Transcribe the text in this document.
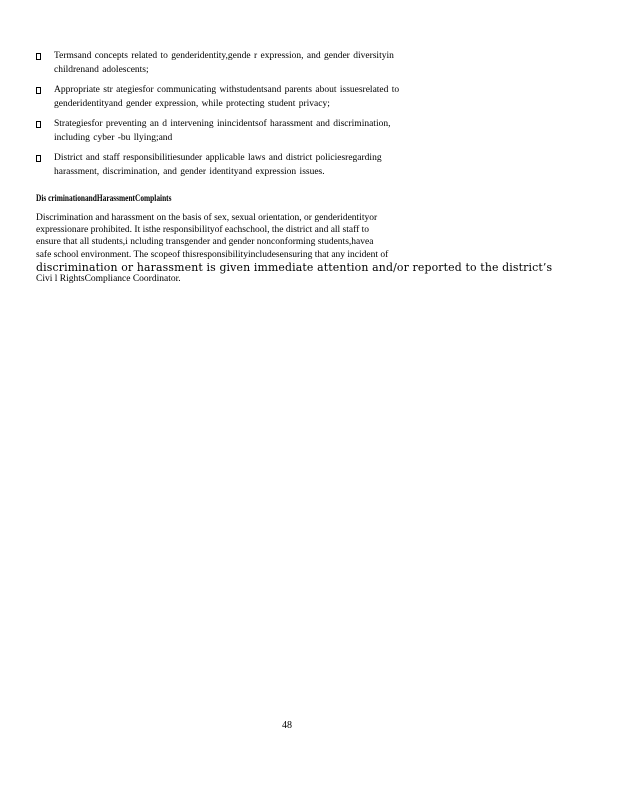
Termsand concepts related to genderidentity,gende r expression, and gender diversityin
childrenand adolescents;
Appropriate str ategiesfor communicating withstudentsand parents about issuesrelated to
genderidentityand gender expression, while protecting student privacy;
Strategiesfor preventing an d intervening inincidentsof harassment and discrimination,
including cyber -bu llying;and
District and staff responsibilitiesunder applicable laws and district policiesregarding
harassment, discrimination, and gender identityand expression issues.
Dis criminationandHarassmentComplaints
Discrimination and harassment on the basis of sex, sexual orientation, or genderidentityor
expressionare prohibited. It isthe responsibilityof eachschool, the district and all staff to
ensure that all students,i ncluding transgender and gender nonconforming students,havea
safe school environment. The scopeof thisresponsibilityincludesensuring that any incident of
discrimination or harassment is given immediate attention and/or reported to the district’s
Civi l RightsCompliance Coordinator.
48
